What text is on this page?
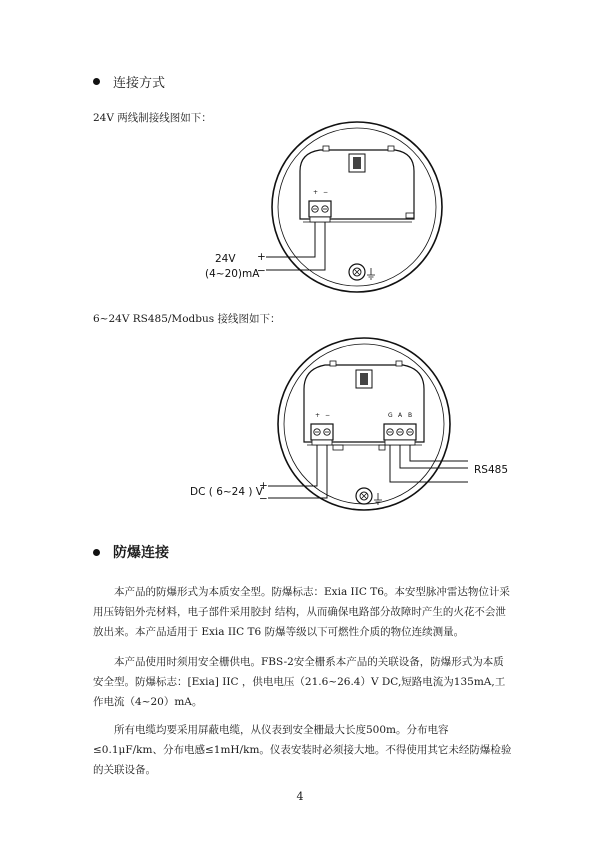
连接方式
24V 两线制接线图如下：
+ −
24V
(4~20)mA
+
−
6~24V RS485/Modbus 接线图如下：
+ −	G A B
RS485
DC ( 6~24 ) V
+
−
防爆连接

本产品的防爆形式为本质安全型。防爆标志：Exia IIC T6。本安型脉冲雷达物位计采用压铸铝外壳材料，电子部件采用胶封 结构，从而确保电路部分故障时产生的火花不会泄放出来。本产品适用于 Exia IIC T6 防爆等级以下可燃性介质的物位连续测量。

本产品使用时须用安全栅供电。FBS-2安全栅系本产品的关联设备，防爆形式为本质安全型。防爆标志：[Exia] IIC ，供电电压（21.6~26.4）V DC,短路电流为135mA,工作电流（4~20）mA。

所有电缆均要采用屏蔽电缆，从仪表到安全栅最大长度500m。分布电容≤0.1μF/km、分布电感≤1mH/km。仪表安装时必须接大地。不得使用其它未经防爆检验的关联设备。

4
